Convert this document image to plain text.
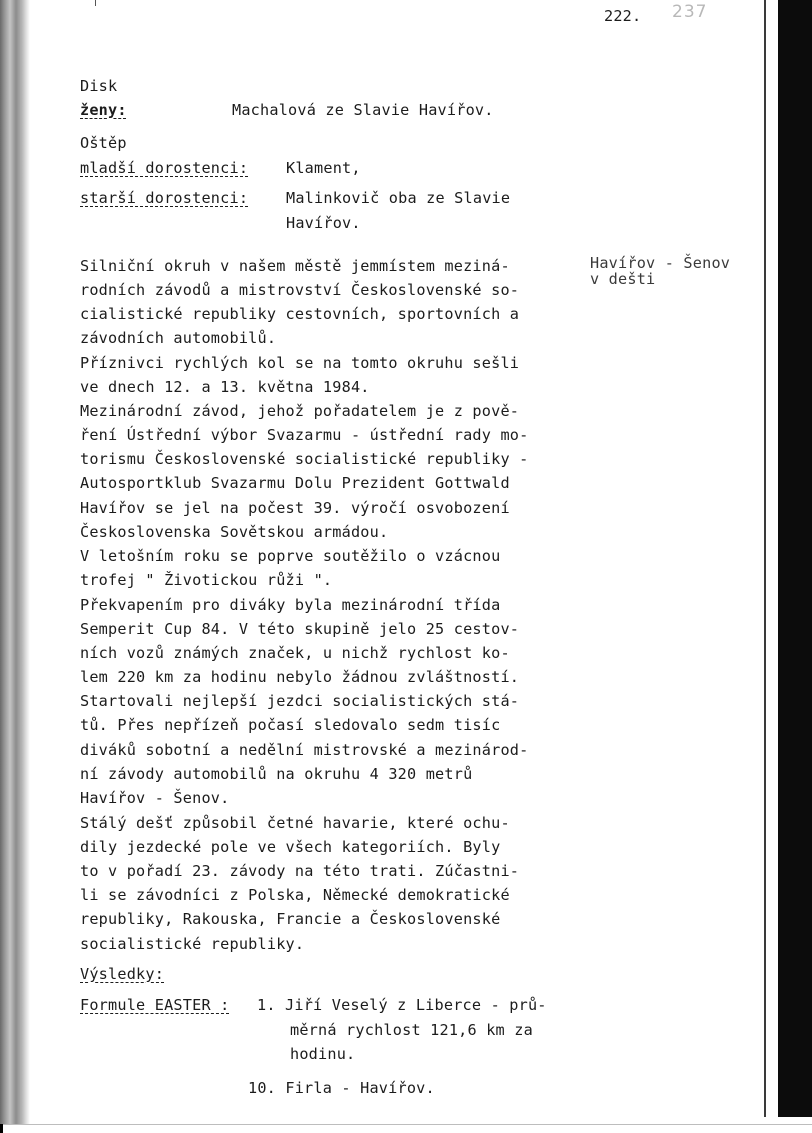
222. 237
Disk
ženy:	Machalová ze Slavie Havířov.
Oštěp
mladší dorostenci: Klament,
starší dorostenci: Malinkovič oba ze Slavie
Havířov.
Havířov - Šenov
v dešti
Silniční okruh v našem městě jemmístem meziná-
rodních závodů a mistrovství Československé so-
cialistické republiky cestovních, sportovních a
závodních automobilů.
Příznivci rychlých kol se na tomto okruhu sešli
ve dnech 12. a 13. května 1984.
Mezinárodní závod, jehož pořadatelem je z pově-
ření Ústřední výbor Svazarmu - ústřední rady mo-
torismu Československé socialistické republiky -
Autosportklub Svazarmu Dolu Prezident Gottwald
Havířov se jel na počest 39. výročí osvobození
Československa Sovětskou armádou.
V letošním roku se poprve soutěžilo o vzácnou
trofej " Životickou růži ".
Překvapením pro diváky byla mezinárodní třída
Semperit Cup 84. V této skupině jelo 25 cestov-
ních vozů známých značek, u nichž rychlost ko-
lem 220 km za hodinu nebylo žádnou zvláštností.
Startovali nejlepší jezdci socialistických stá-
tů. Přes nepřízeň počasí sledovalo sedm tisíc
diváků sobotní a nedělní mistrovské a mezinárod-
ní závody automobilů na okruhu 4 320 metrů
Havířov - Šenov.
Stálý dešť způsobil četné havarie, které ochu-
dily jezdecké pole ve všech kategoriích. Byly
to v pořadí 23. závody na této trati. Zúčastni-
li se závodníci z Polska, Německé demokratické
republiky, Rakouska, Francie a Československé
socialistické republiky.
Výsledky:
Formule EASTER : 1. Jiří Veselý z Liberce - prů-
měrná rychlost 121,6 km za
hodinu.
10. Firla - Havířov.
